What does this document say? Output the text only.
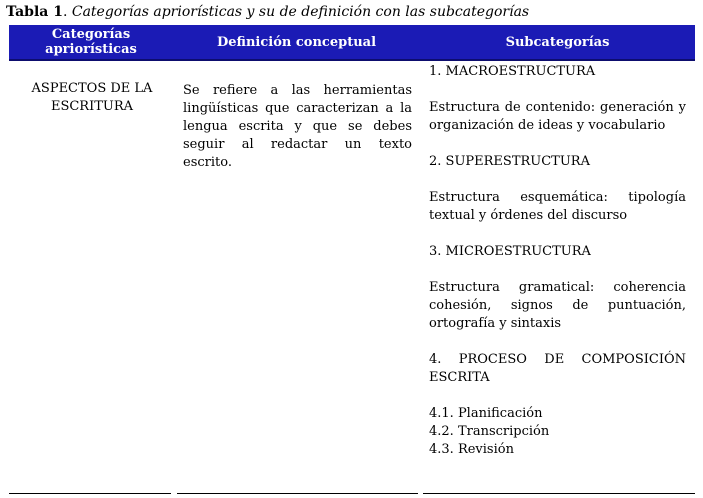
Tabla 1. Categorías apriorísticas y su de definición con las subcategorías
Categorías apriorísticas	Definición conceptual	Subcategorías
ASPECTOS DE LA ESCRITURA
Se refiere a las herramientas lingüísticas que caracterizan a la lengua escrita y que se debes seguir al redactar un texto escrito.

1. MACROESTRUCTURA

Estructura de contenido: generación y organización de ideas y vocabulario

2. SUPERESTRUCTURA

Estructura esquemática: tipología textual y órdenes del discurso

3. MICROESTRUCTURA

Estructura gramatical: coherencia cohesión, signos de puntuación, ortografía y sintaxis

4. PROCESO DE COMPOSICIÓN ESCRITA

4.1. Planificación

4.2. Transcripción

4.3. Revisión
